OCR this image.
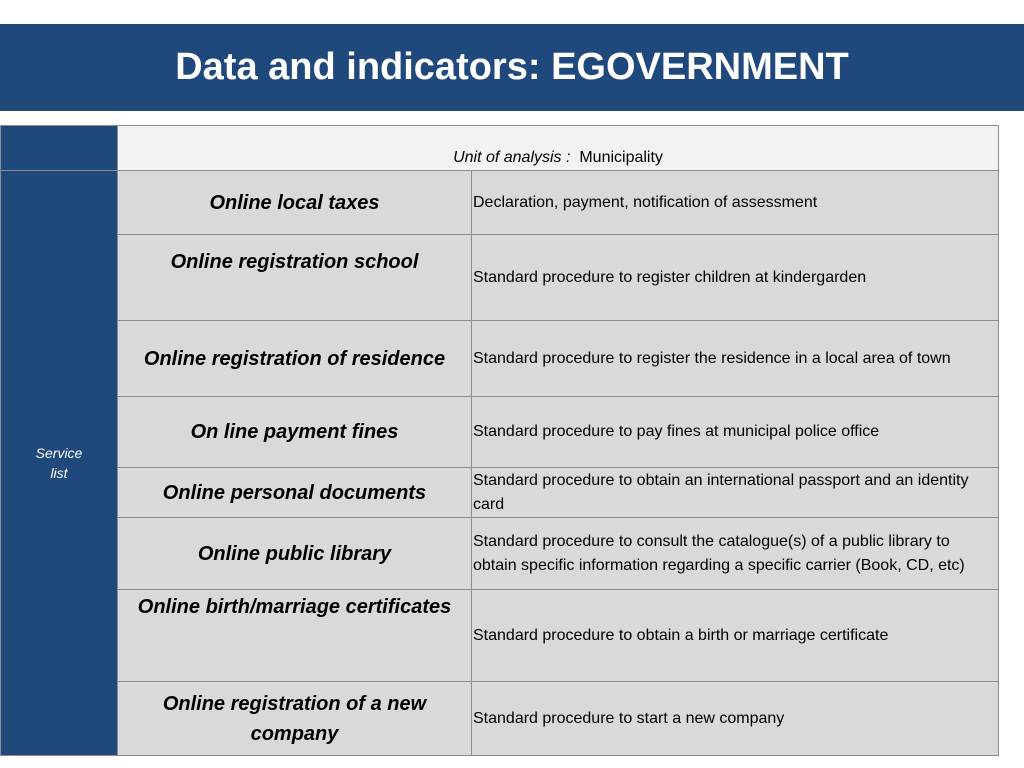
Data and indicators: EGOVERNMENT
	Unit of analysis : Municipality	

Service
list	Online local taxes	Declaration, payment, notification of assessment
	Online registration school	Standard procedure to register children at kindergarden
	Online registration of residence	Standard procedure to register the residence in a local area of town
	On line payment fines	Standard procedure to pay fines at municipal police office
	Online personal documents	Standard procedure to obtain an international passport and an identity card
	Online public library	Standard procedure to consult the catalogue(s) of a public library to obtain specific information regarding a specific carrier (Book, CD, etc)
	Online birth/marriage certificates	Standard procedure to obtain a birth or marriage certificate
	Online registration of a new company	Standard procedure to start a new company
